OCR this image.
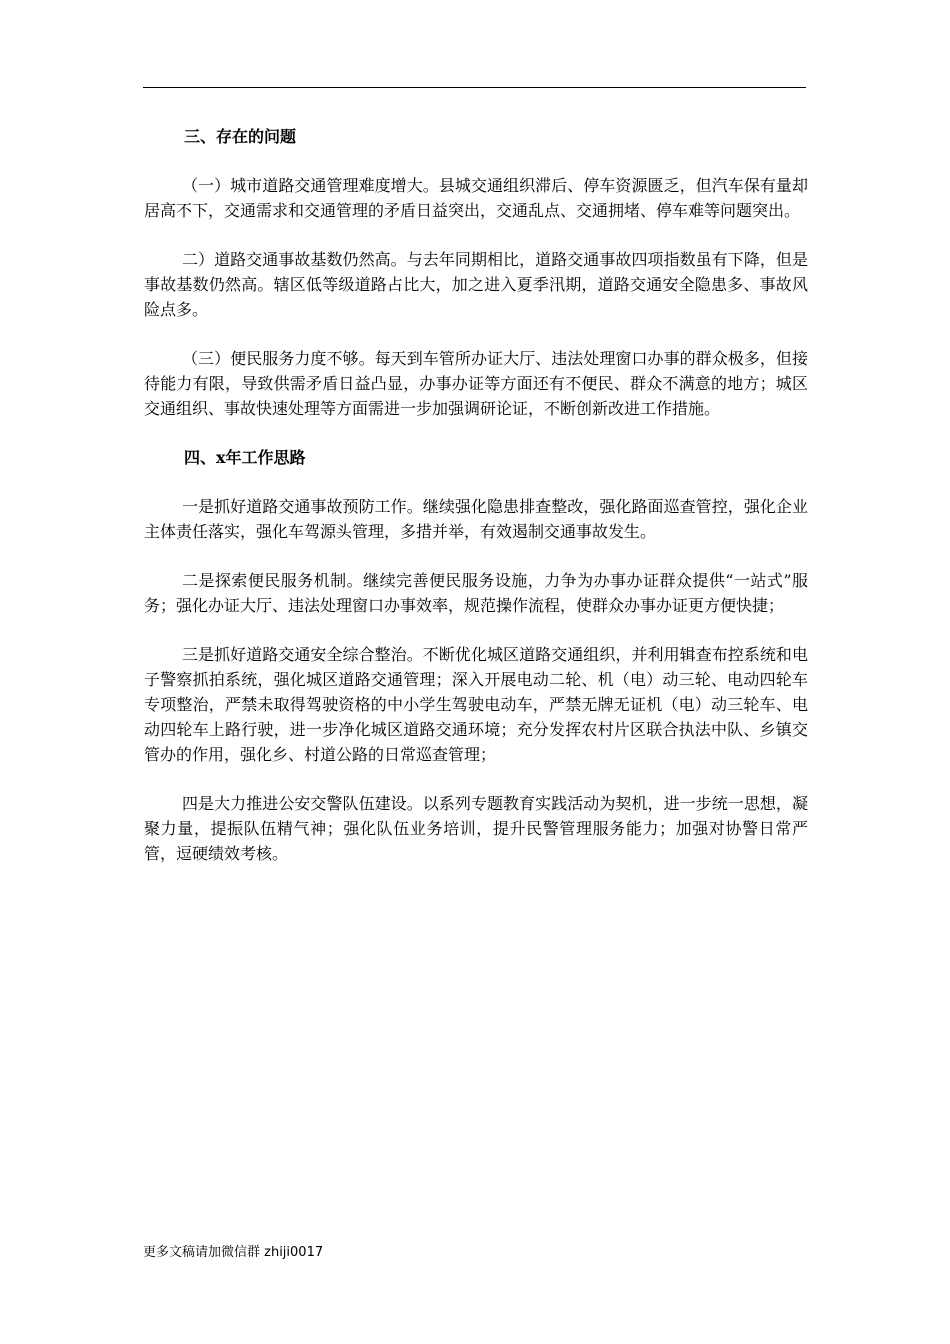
三、存在的问题

（一）城市道路交通管理难度增大。县城交通组织滞后、停车资源匮乏，但汽车保有量却居高不下，交通需求和交通管理的矛盾日益突出，交通乱点、交通拥堵、停车难等问题突出。

二）道路交通事故基数仍然高。与去年同期相比，道路交通事故四项指数虽有下降，但是事故基数仍然高。辖区低等级道路占比大，加之进入夏季汛期，道路交通安全隐患多、事故风险点多。

（三）便民服务力度不够。每天到车管所办证大厅、违法处理窗口办事的群众极多，但接待能力有限，导致供需矛盾日益凸显，办事办证等方面还有不便民、群众不满意的地方；城区交通组织、事故快速处理等方面需进一步加强调研论证，不断创新改进工作措施。

四、x年工作思路

一是抓好道路交通事故预防工作。继续强化隐患排查整改，强化路面巡查管控，强化企业主体责任落实，强化车驾源头管理，多措并举，有效遏制交通事故发生。

二是探索便民服务机制。继续完善便民服务设施，力争为办事办证群众提供“一站式”服务；强化办证大厅、违法处理窗口办事效率，规范操作流程，使群众办事办证更方便快捷；

三是抓好道路交通安全综合整治。不断优化城区道路交通组织，并利用辑查布控系统和电子警察抓拍系统，强化城区道路交通管理；深入开展电动二轮、机（电）动三轮、电动四轮车专项整治，严禁未取得驾驶资格的中小学生驾驶电动车，严禁无牌无证机（电）动三轮车、电动四轮车上路行驶，进一步净化城区道路交通环境；充分发挥农村片区联合执法中队、乡镇交管办的作用，强化乡、村道公路的日常巡查管理；

四是大力推进公安交警队伍建设。以系列专题教育实践活动为契机，进一步统一思想，凝聚力量，提振队伍精气神；强化队伍业务培训，提升民警管理服务能力；加强对协警日常严管，逗硬绩效考核。

更多文稿请加微信群 zhiji0017
